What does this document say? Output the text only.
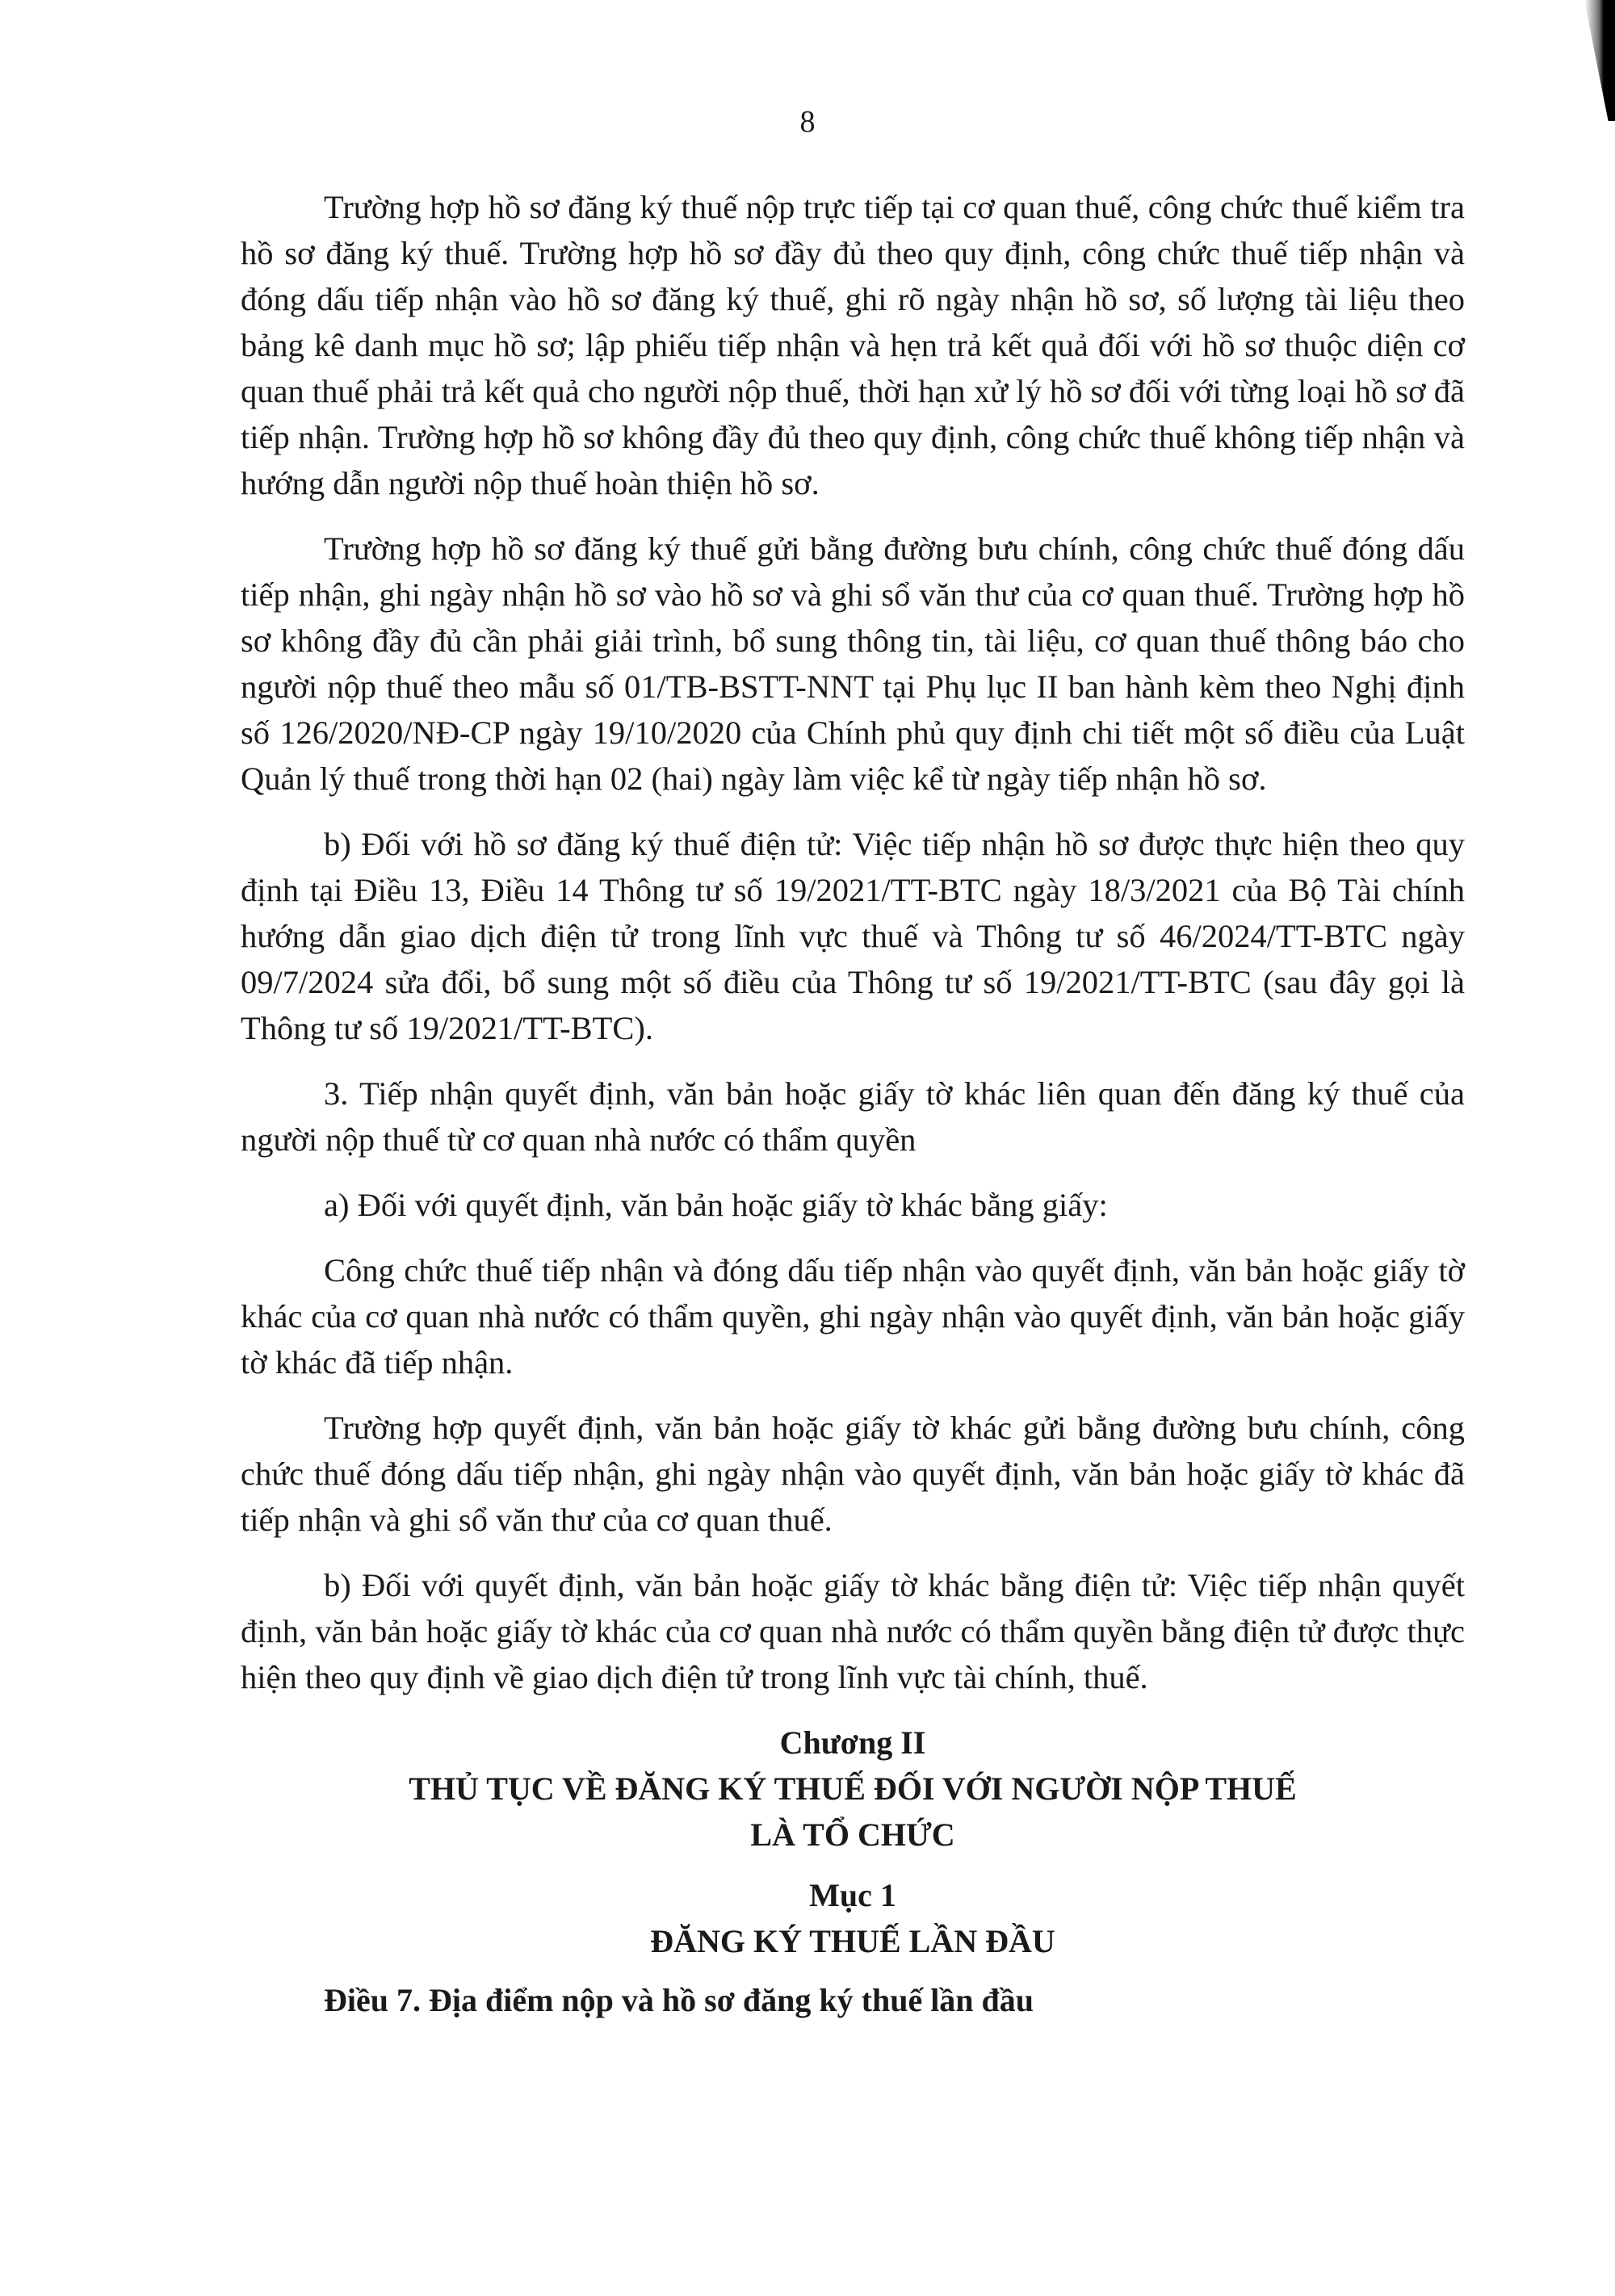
8

Trường hợp hồ sơ đăng ký thuế nộp trực tiếp tại cơ quan thuế, công chức thuế kiểm tra hồ sơ đăng ký thuế. Trường hợp hồ sơ đầy đủ theo quy định, công chức thuế tiếp nhận và đóng dấu tiếp nhận vào hồ sơ đăng ký thuế, ghi rõ ngày nhận hồ sơ, số lượng tài liệu theo bảng kê danh mục hồ sơ; lập phiếu tiếp nhận và hẹn trả kết quả đối với hồ sơ thuộc diện cơ quan thuế phải trả kết quả cho người nộp thuế, thời hạn xử lý hồ sơ đối với từng loại hồ sơ đã tiếp nhận. Trường hợp hồ sơ không đầy đủ theo quy định, công chức thuế không tiếp nhận và hướng dẫn người nộp thuế hoàn thiện hồ sơ.

Trường hợp hồ sơ đăng ký thuế gửi bằng đường bưu chính, công chức thuế đóng dấu tiếp nhận, ghi ngày nhận hồ sơ vào hồ sơ và ghi sổ văn thư của cơ quan thuế. Trường hợp hồ sơ không đầy đủ cần phải giải trình, bổ sung thông tin, tài liệu, cơ quan thuế thông báo cho người nộp thuế theo mẫu số 01/TB-BSTT-NNT tại Phụ lục II ban hành kèm theo Nghị định số 126/2020/NĐ-CP ngày 19/10/2020 của Chính phủ quy định chi tiết một số điều của Luật Quản lý thuế trong thời hạn 02 (hai) ngày làm việc kể từ ngày tiếp nhận hồ sơ.

b) Đối với hồ sơ đăng ký thuế điện tử: Việc tiếp nhận hồ sơ được thực hiện theo quy định tại Điều 13, Điều 14 Thông tư số 19/2021/TT-BTC ngày 18/3/2021 của Bộ Tài chính hướng dẫn giao dịch điện tử trong lĩnh vực thuế và Thông tư số 46/2024/TT-BTC ngày 09/7/2024 sửa đổi, bổ sung một số điều của Thông tư số 19/2021/TT-BTC (sau đây gọi là Thông tư số 19/2021/TT-BTC).

3. Tiếp nhận quyết định, văn bản hoặc giấy tờ khác liên quan đến đăng ký thuế của người nộp thuế từ cơ quan nhà nước có thẩm quyền

a) Đối với quyết định, văn bản hoặc giấy tờ khác bằng giấy:

Công chức thuế tiếp nhận và đóng dấu tiếp nhận vào quyết định, văn bản hoặc giấy tờ khác của cơ quan nhà nước có thẩm quyền, ghi ngày nhận vào quyết định, văn bản hoặc giấy tờ khác đã tiếp nhận.

Trường hợp quyết định, văn bản hoặc giấy tờ khác gửi bằng đường bưu chính, công chức thuế đóng dấu tiếp nhận, ghi ngày nhận vào quyết định, văn bản hoặc giấy tờ khác đã tiếp nhận và ghi sổ văn thư của cơ quan thuế.

b) Đối với quyết định, văn bản hoặc giấy tờ khác bằng điện tử: Việc tiếp nhận quyết định, văn bản hoặc giấy tờ khác của cơ quan nhà nước có thẩm quyền bằng điện tử được thực hiện theo quy định về giao dịch điện tử trong lĩnh vực tài chính, thuế.

Chương II

THỦ TỤC VỀ ĐĂNG KÝ THUẾ ĐỐI VỚI NGƯỜI NỘP THUẾ

LÀ TỔ CHỨC

Mục 1

ĐĂNG KÝ THUẾ LẦN ĐẦU

Điều 7. Địa điểm nộp và hồ sơ đăng ký thuế lần đầu
